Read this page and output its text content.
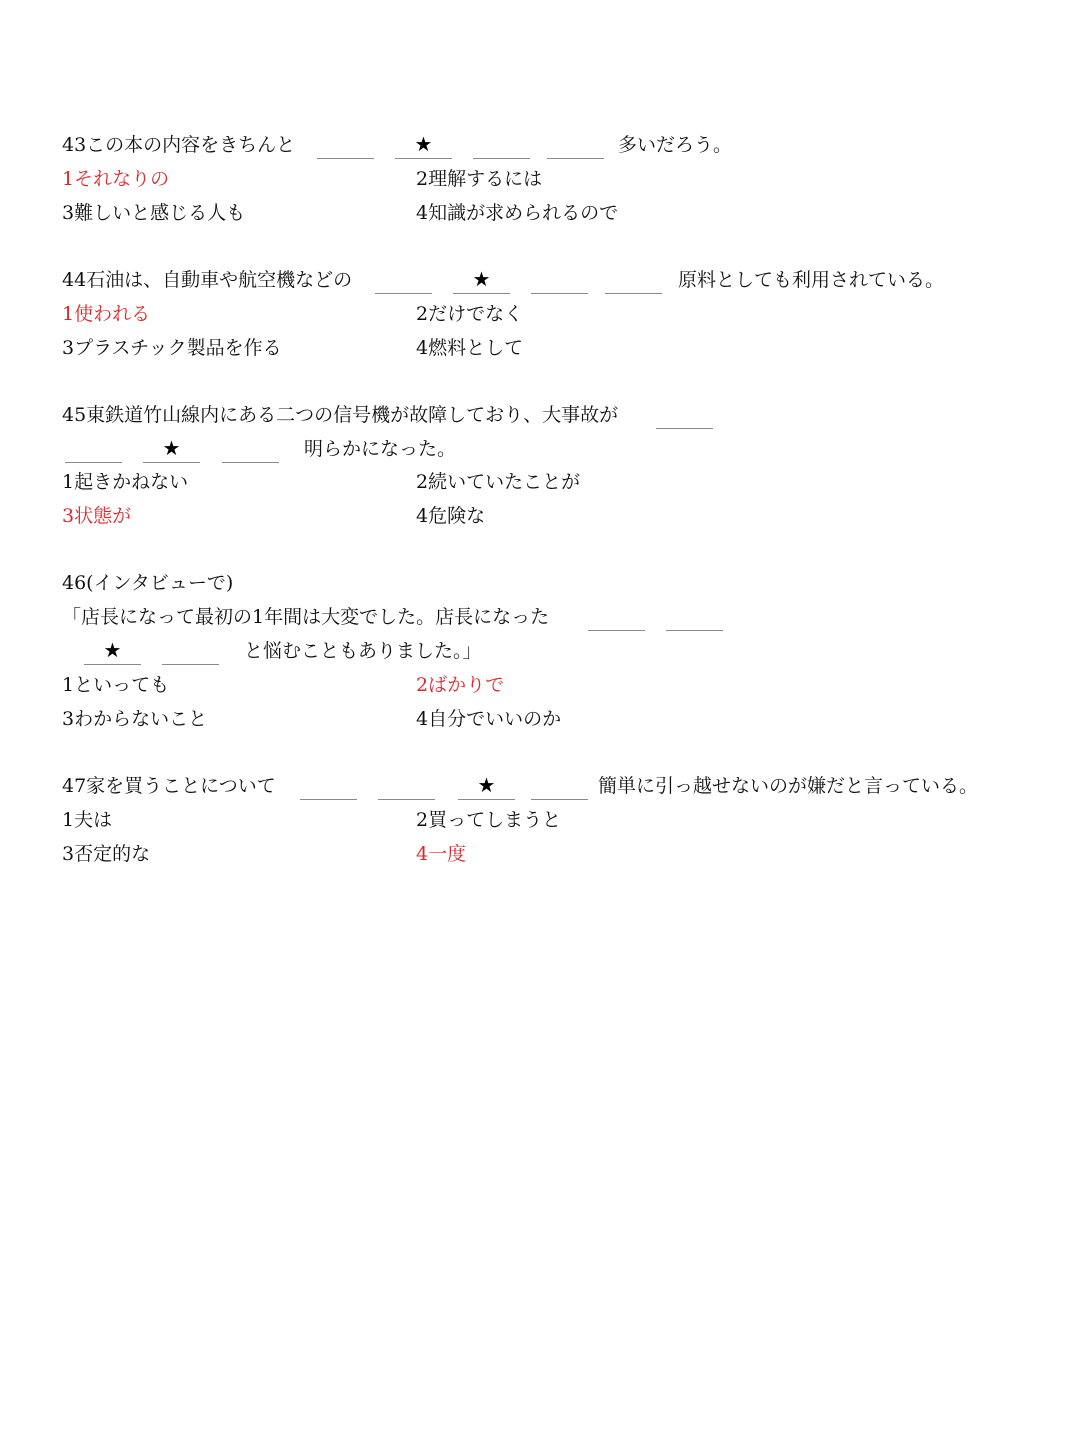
43この本の内容をきちんと	★	多いだろう。
1それなりの	2理解するには
3難しいと感じる人も	4知識が求められるので
44石油は、自動車や航空機などの	★	原料としても利用されている。
1使われる	2だけでなく
3プラスチック製品を作る	4燃料として
45東鉄道竹山線内にある二つの信号機が故障しており、大事故が
★	明らかになった。
1起きかねない	2続いていたことが
3状態が	4危険な
46(インタビューで)
「店長になって最初の1年間は大変でした。店長になった
★	と悩むこともありました。」
1といっても	2ばかりで
3わからないこと	4自分でいいのか
47家を買うことについて	★	簡単に引っ越せないのが嫌だと言っている。
1夫は	2買ってしまうと
3否定的な	4一度
